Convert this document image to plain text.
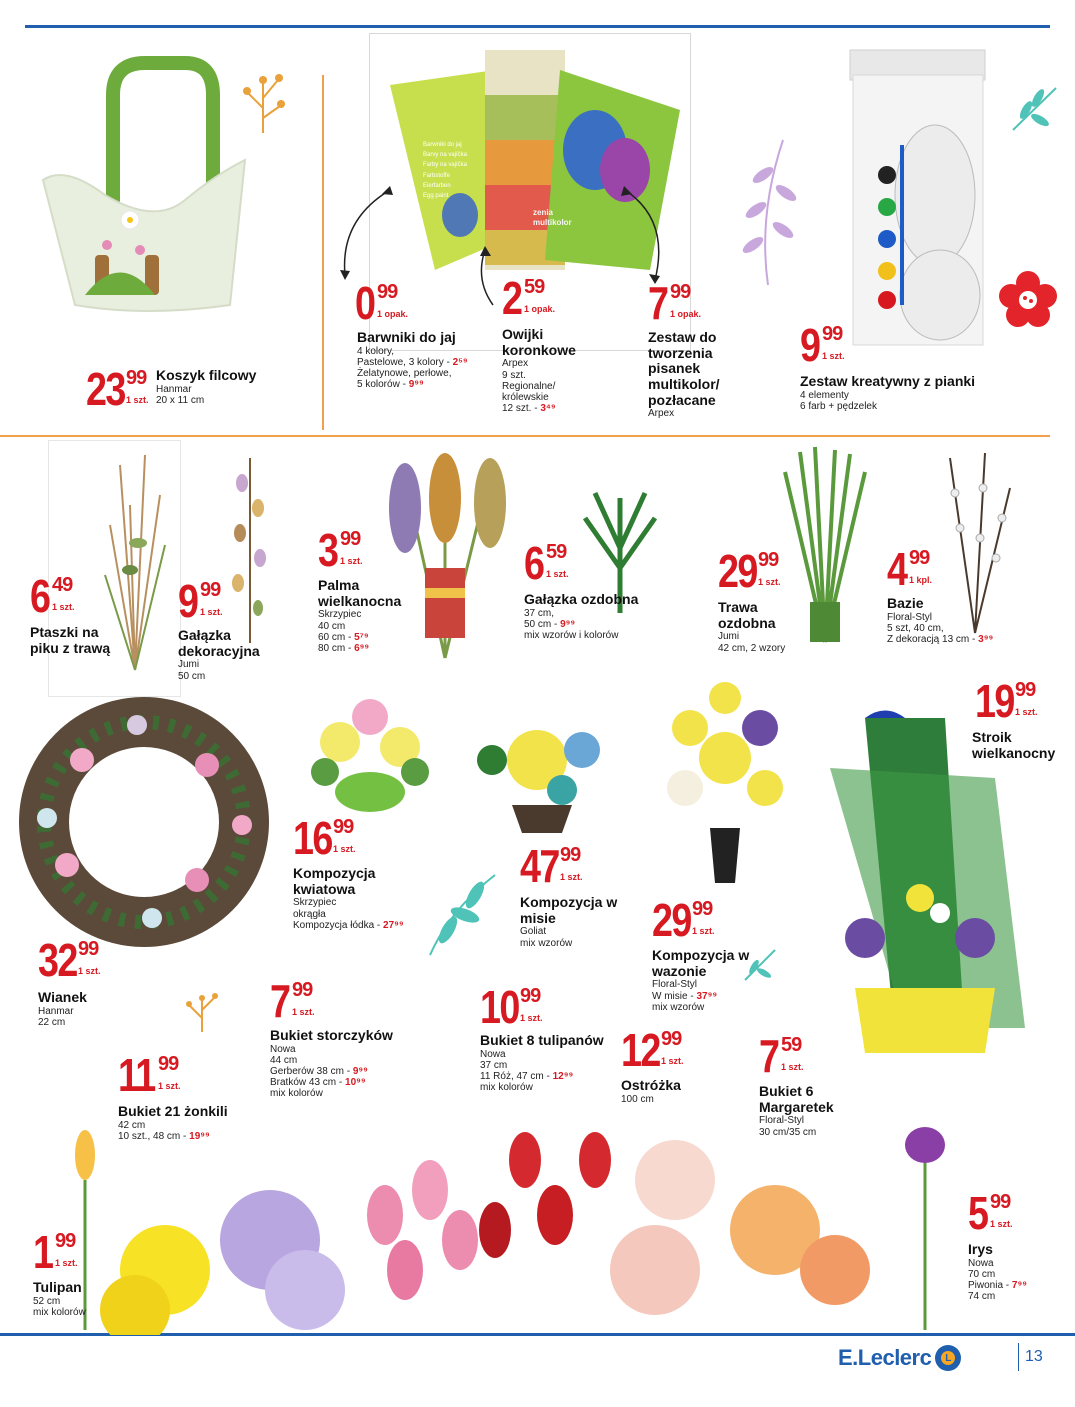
Barwniki do jaj
Barvy na vajíčka
Farby na vajíčka
Farbstoffe
Eierfarben
Egg paint
zenia
multikolor
23 99
1 szt.
Koszyk filcowy
Hanmar
20 x 11 cm
0 99
1 opak.
Barwniki do jaj
4 kolory,
Pastelowe, 3 kolory - 2⁵⁹
Żelatynowe, perłowe,
5 kolorów - 9⁹⁹
2 59
1 opak.
Owijki koronkowe
Arpex
9 szt.
Regionalne/
królewskie
12 szt. - 3⁴⁹
7 99
1 opak.
Zestaw do tworzenia pisanek multikolor/ pozłacane
Arpex
9 99
1 szt.
Zestaw kreatywny z pianki
4 elementy
6 farb + pędzelek
6 49
1 szt.
Ptaszki na piku z trawą
9 99
1 szt.
Gałązka dekoracyjna
Jumi
50 cm
3 99
1 szt.
Palma wielkanocna
Skrzypiec
40 cm
60 cm - 5⁷⁹
80 cm - 6⁹⁹
6 59
1 szt.
Gałązka ozdobna
37 cm,
50 cm - 9⁹⁹
mix wzorów i kolorów
29 99
1 szt.
Trawa ozdobna
Jumi
42 cm, 2 wzory
4 99
1 kpl.
Bazie
Floral-Styl
5 szt, 40 cm,
Z dekoracją 13 cm - 3⁹⁹
19 99
1 szt.
Stroik wielkanocny
16 99
1 szt.
Kompozycja kwiatowa
Skrzypiec
okrągła
Kompozycja łódka - 27⁹⁹
47 99
1 szt.
Kompozycja w misie
Goliat
mix wzorów
32 99
1 szt.
Wianek
Hanmar
22 cm
29 99
1 szt.
Kompozycja w wazonie
Floral-Styl
W misie - 37⁹⁹
mix wzorów
7 99
1 szt.
Bukiet storczyków
Nowa
44 cm
Gerberów 38 cm - 9⁹⁹
Bratków 43 cm - 10⁹⁹
mix kolorów
10 99
1 szt.
Bukiet 8 tulipanów
Nowa
37 cm
11 Róż, 47 cm - 12⁹⁹
mix kolorów
12 99
1 szt.
Ostróżka
100 cm
7 59
1 szt.
Bukiet 6 Margaretek
Floral-Styl
30 cm/35 cm
11 99
1 szt.
Bukiet 21 żonkili
42 cm
10 szt., 48 cm - 19⁹⁹
1 99
1 szt.
Tulipan
52 cm
mix kolorów
5 99
1 szt.
Irys
Nowa
70 cm
Piwonia - 7⁹⁹
74 cm
E.Leclerc	L	13
